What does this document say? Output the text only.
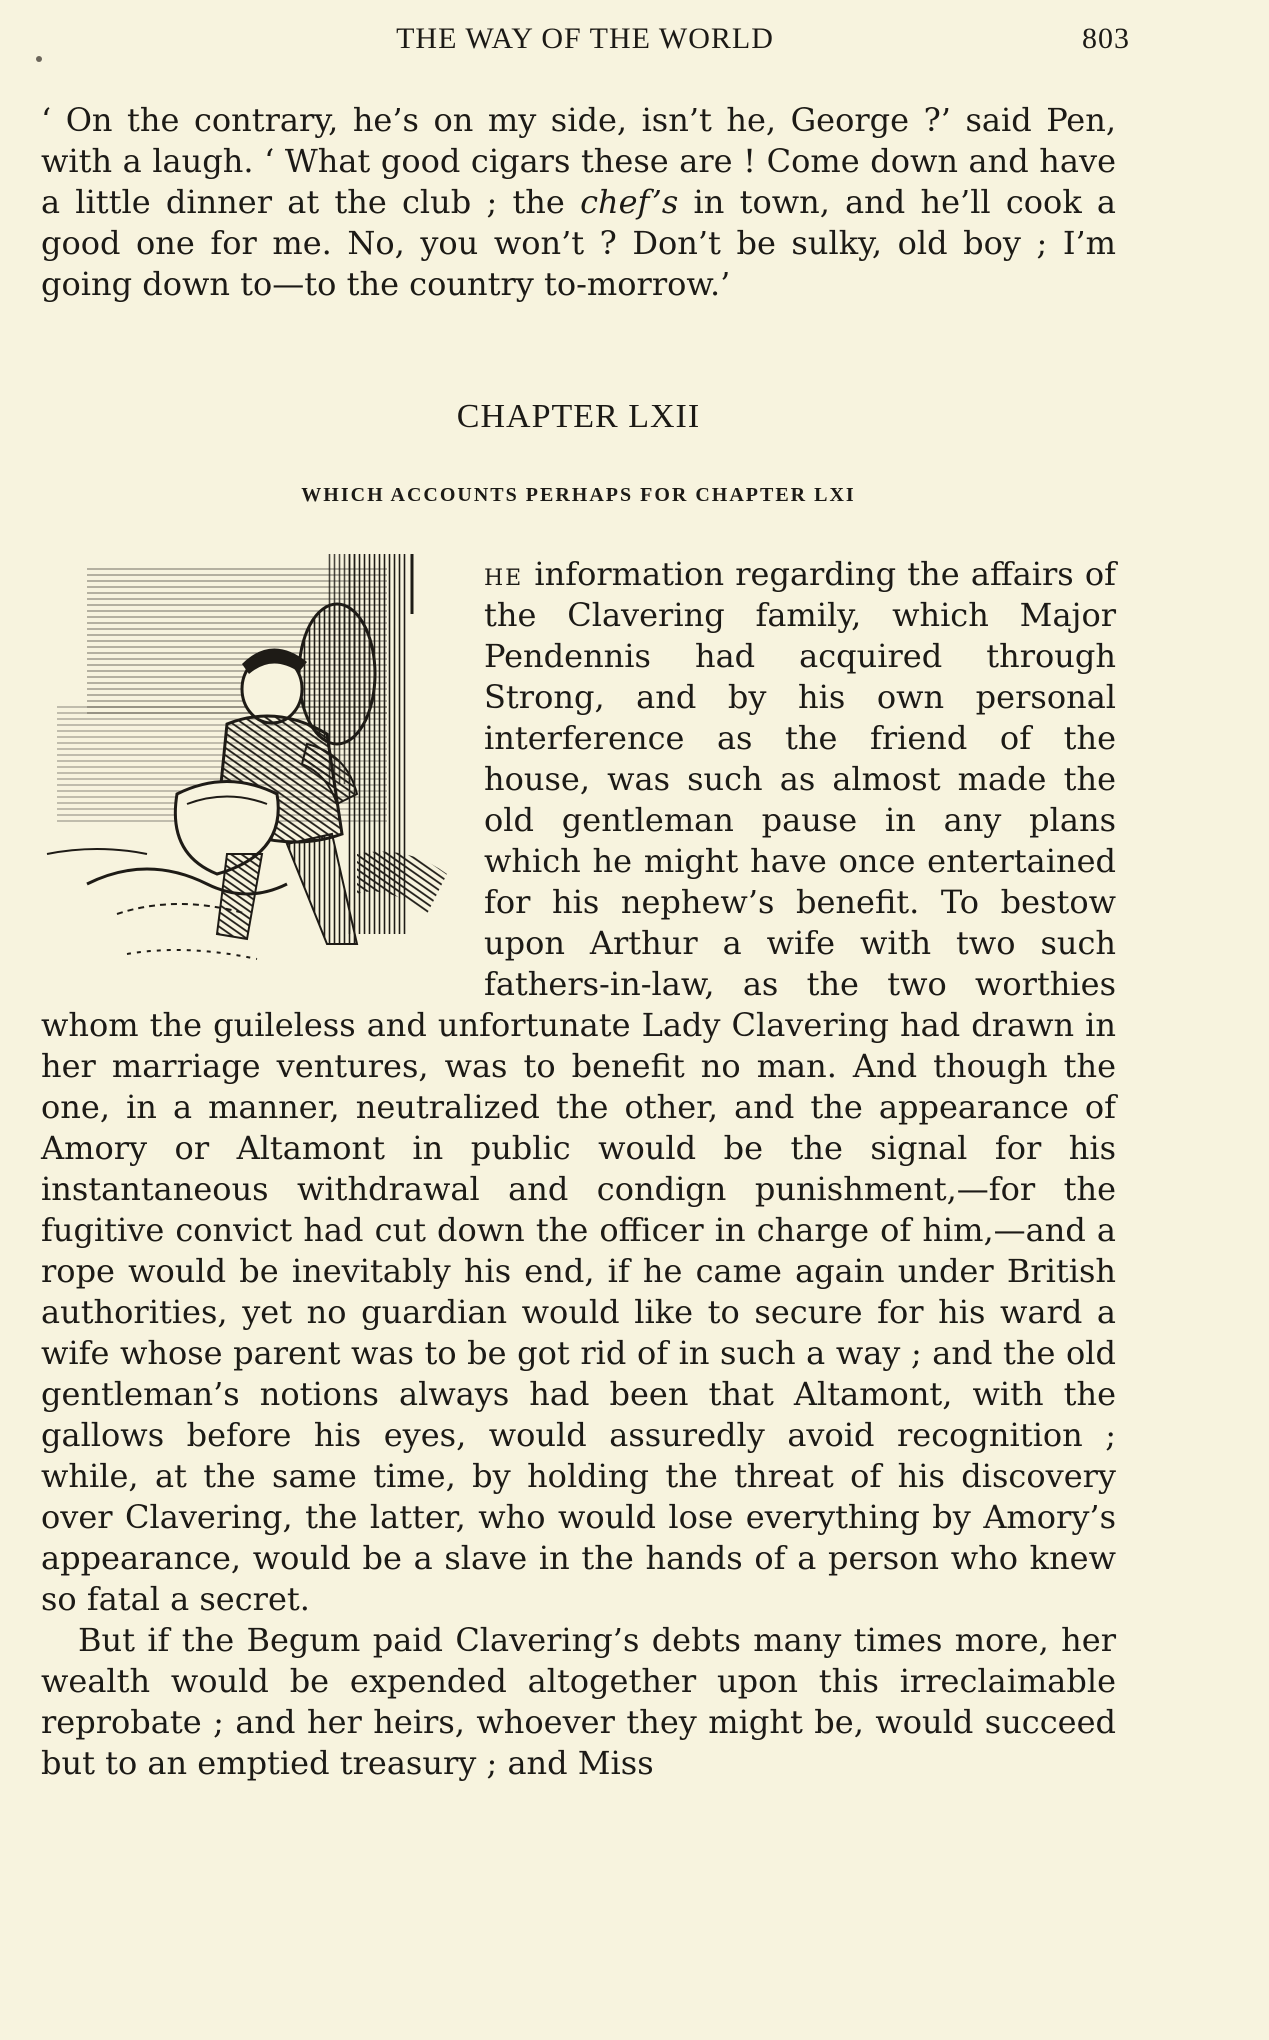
THE WAY OF THE WORLD	803

‘ On the contrary, he’s on my side, isn’t he, George ?’ said Pen, with a laugh. ‘ What good cigars these are ! Come down and have a little dinner at the club ; the chef’s in town, and he’ll cook a good one for me. No, you won’t ? Don’t be sulky, old boy ; I’m going down to—to the country to-morrow.’

CHAPTER LXII
WHICH ACCOUNTS PERHAPS FOR CHAPTER LXI

he information regarding the affairs of the Clavering family, which Major Pendennis had acquired through Strong, and by his own personal interference as the friend of the house, was such as almost made the old gentleman pause in any plans which he might have once entertained for his nephew’s benefit. To bestow upon Arthur a wife with two such fathers-in-law, as the two worthies whom the guileless and unfortunate Lady Clavering had drawn in her marriage ventures, was to benefit no man. And though the one, in a manner, neutralized the other, and the appearance of Amory or Altamont in public would be the signal for his instantaneous withdrawal and condign punishment,—for the fugitive convict had cut down the officer in charge of him,—and a rope would be inevitably his end, if he came again under British authorities, yet no guardian would like to secure for his ward a wife whose parent was to be got rid of in such a way ; and the old gentleman’s notions always had been that Altamont, with the gallows before his eyes, would assuredly avoid recognition ; while, at the same time, by holding the threat of his discovery over Clavering, the latter, who would lose everything by Amory’s appearance, would be a slave in the hands of a person who knew so fatal a secret.

But if the Begum paid Clavering’s debts many times more, her wealth would be expended altogether upon this irreclaimable reprobate ; and her heirs, whoever they might be, would succeed but to an emptied treasury ; and Miss
